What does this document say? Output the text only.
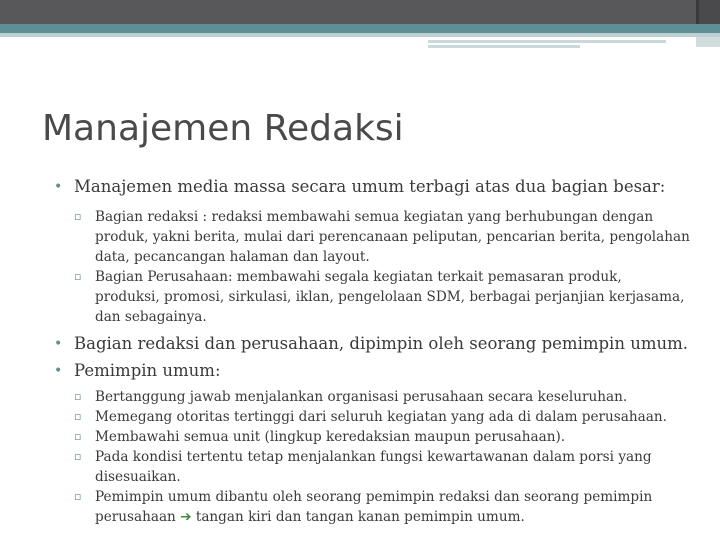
Manajemen Redaksi
• Manajemen media massa secara umum terbagi atas dua bagian besar:
▫ Bagian redaksi : redaksi membawahi semua kegiatan yang berhubungan dengan produk, yakni berita, mulai dari perencanaan peliputan, pencarian berita, pengolahan data, pecancangan halaman dan layout.
▫ Bagian Perusahaan: membawahi segala kegiatan terkait pemasaran produk, produksi, promosi, sirkulasi, iklan, pengelolaan SDM, berbagai perjanjian kerjasama, dan sebagainya.
• Bagian redaksi dan perusahaan, dipimpin oleh seorang pemimpin umum.
• Pemimpin umum:
▫ Bertanggung jawab menjalankan organisasi perusahaan secara keseluruhan.
▫ Memegang otoritas tertinggi dari seluruh kegiatan yang ada di dalam perusahaan.
▫ Membawahi semua unit (lingkup keredaksian maupun perusahaan).
▫ Pada kondisi tertentu tetap menjalankan fungsi kewartawanan dalam porsi yang disesuaikan.
▫ Pemimpin umum dibantu oleh seorang pemimpin redaksi dan seorang pemimpin perusahaan ➔ tangan kiri dan tangan kanan pemimpin umum.
